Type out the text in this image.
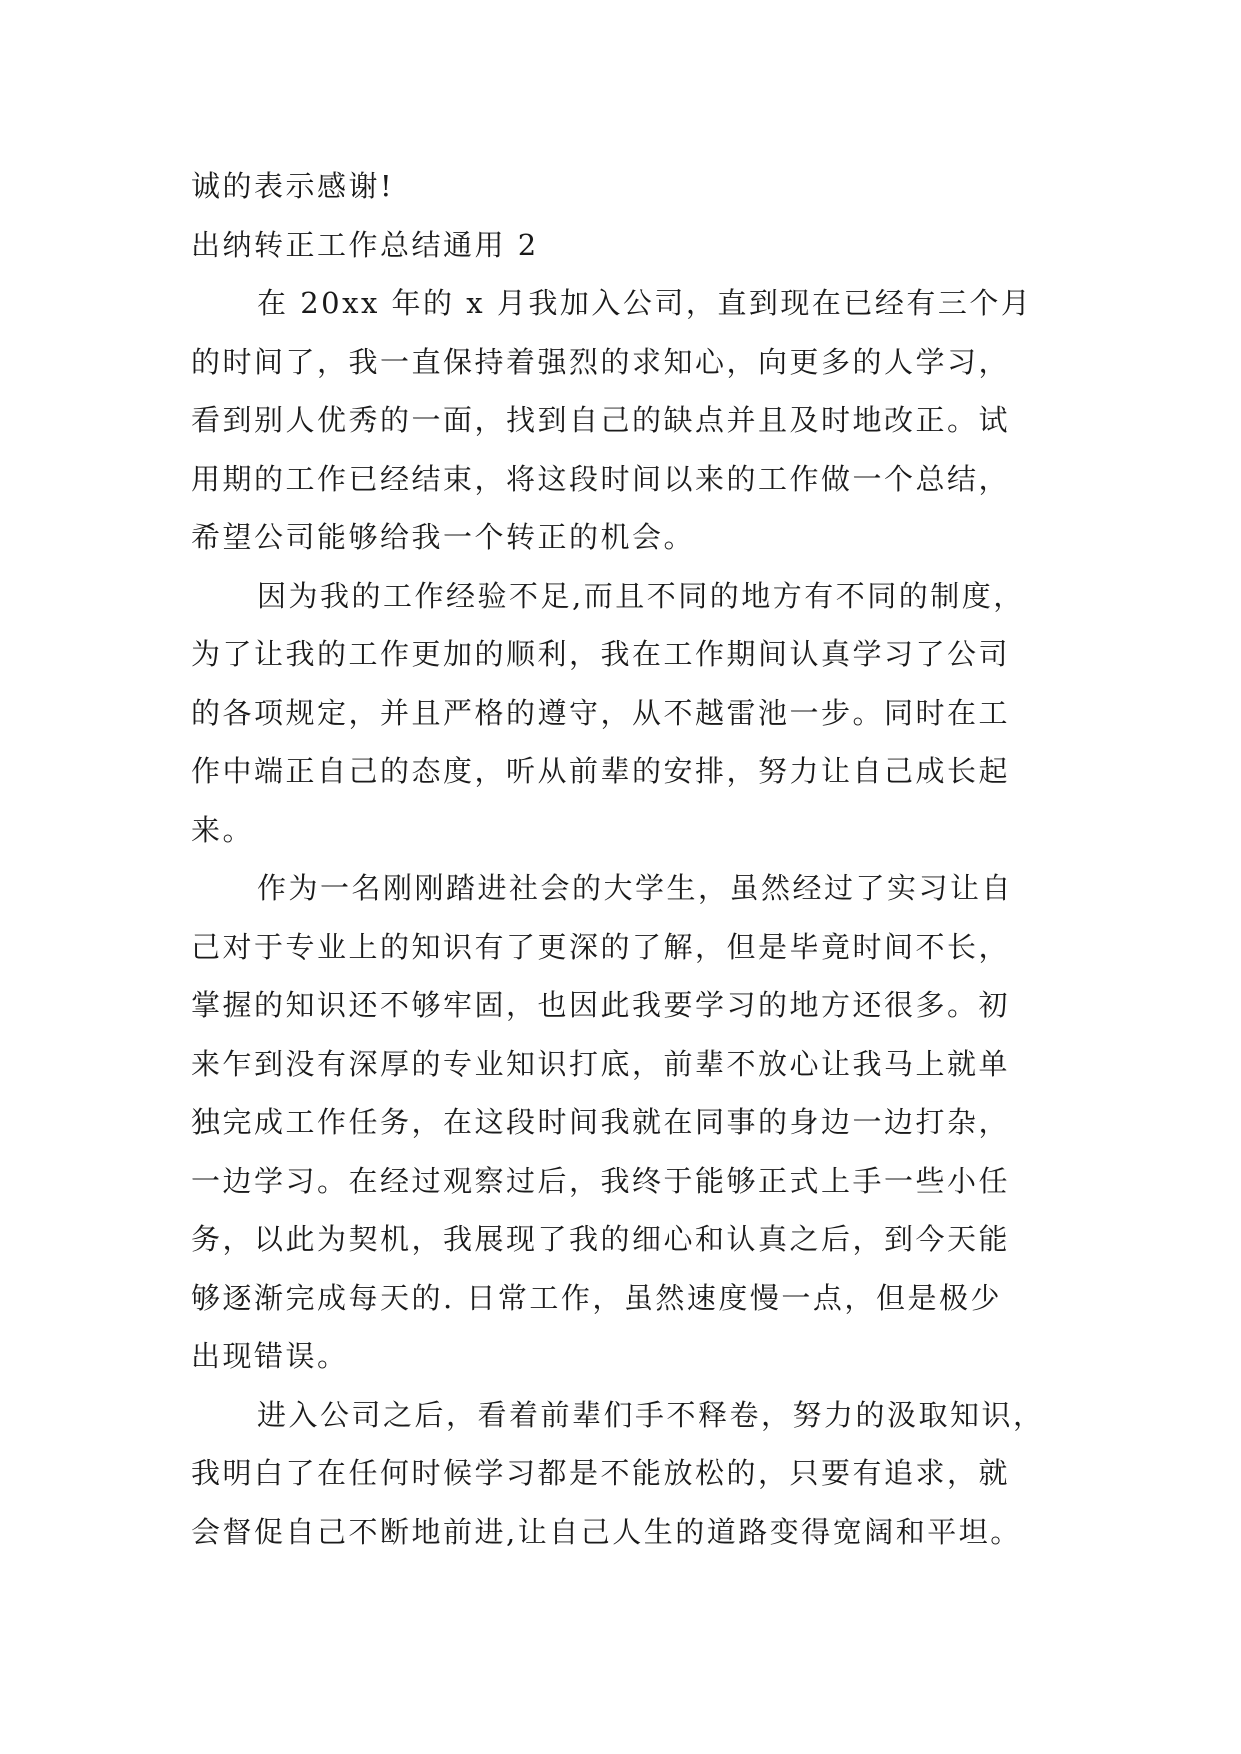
诚的表示感谢!
出纳转正工作总结通用 2
在 20xx 年的 x 月我加入公司，直到现在已经有三个月
的时间了，我一直保持着强烈的求知心，向更多的人学习，
看到别人优秀的一面，找到自己的缺点并且及时地改正。试
用期的工作已经结束，将这段时间以来的工作做一个总结，
希望公司能够给我一个转正的机会。
因为我的工作经验不足,而且不同的地方有不同的制度，
为了让我的工作更加的顺利，我在工作期间认真学习了公司
的各项规定，并且严格的遵守，从不越雷池一步。同时在工
作中端正自己的态度，听从前辈的安排，努力让自己成长起
来。
作为一名刚刚踏进社会的大学生，虽然经过了实习让自
己对于专业上的知识有了更深的了解，但是毕竟时间不长，
掌握的知识还不够牢固，也因此我要学习的地方还很多。初
来乍到没有深厚的专业知识打底，前辈不放心让我马上就单
独完成工作任务，在这段时间我就在同事的身边一边打杂，
一边学习。在经过观察过后，我终于能够正式上手一些小任
务，以此为契机，我展现了我的细心和认真之后，到今天能
够逐渐完成每天的. 日常工作，虽然速度慢一点，但是极少
出现错误。
进入公司之后，看着前辈们手不释卷，努力的汲取知识，
我明白了在任何时候学习都是不能放松的，只要有追求，就
会督促自己不断地前进,让自己人生的道路变得宽阔和平坦。
